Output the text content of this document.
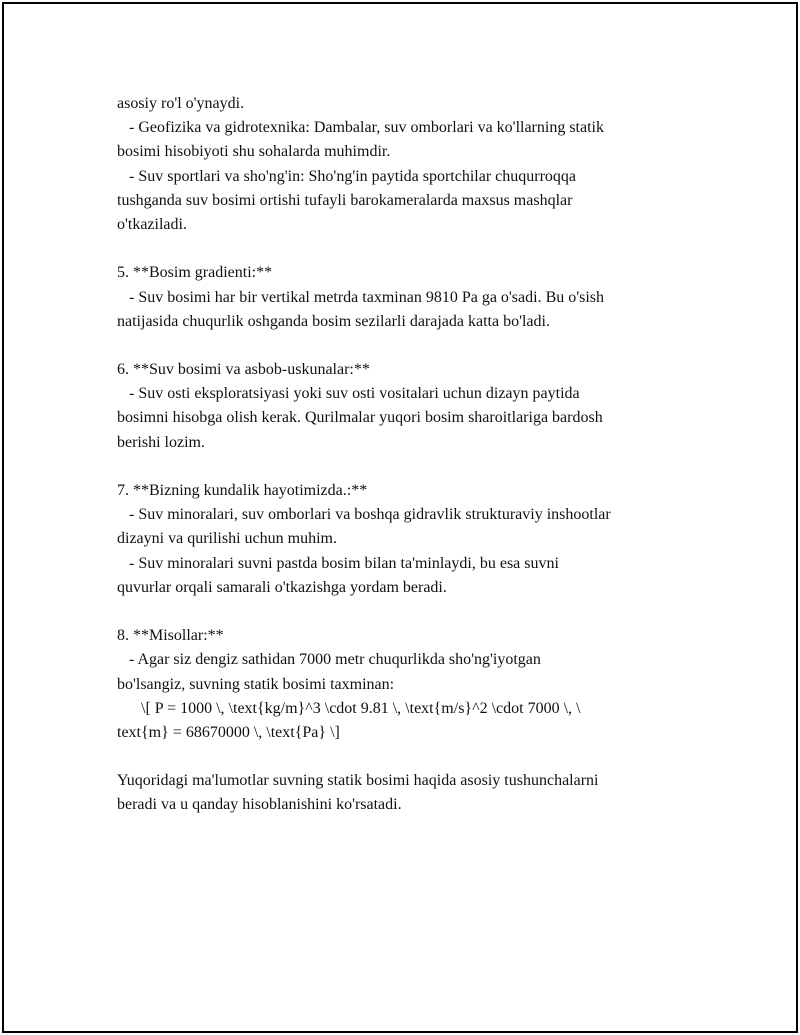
asosiy ro'l o'ynaydi.
- Geofizika va gidrotexnika: Dambalar, suv omborlari va ko'llarning statik
bosimi hisobiyoti shu sohalarda muhimdir.
- Suv sportlari va sho'ng'in: Sho'ng'in paytida sportchilar chuqurroqqa
tushganda suv bosimi ortishi tufayli barokameralarda maxsus mashqlar
o'tkaziladi.
5. **Bosim gradienti:**
- Suv bosimi har bir vertikal metrda taxminan 9810 Pa ga o'sadi. Bu o'sish
natijasida chuqurlik oshganda bosim sezilarli darajada katta bo'ladi.
6. **Suv bosimi va asbob-uskunalar:**
- Suv osti eksploratsiyasi yoki suv osti vositalari uchun dizayn paytida
bosimni hisobga olish kerak. Qurilmalar yuqori bosim sharoitlariga bardosh
berishi lozim.
7. **Bizning kundalik hayotimizda.:**
- Suv minoralari, suv omborlari va boshqa gidravlik strukturaviy inshootlar
dizayni va qurilishi uchun muhim.
- Suv minoralari suvni pastda bosim bilan ta'minlaydi, bu esa suvni
quvurlar orqali samarali o'tkazishga yordam beradi.
8. **Misollar:**
- Agar siz dengiz sathidan 7000 metr chuqurlikda sho'ng'iyotgan
bo'lsangiz, suvning statik bosimi taxminan:
\[ P = 1000 \, \text{kg/m}^3 \cdot 9.81 \, \text{m/s}^2 \cdot 7000 \, \
text{m} = 68670000 \, \text{Pa} \]
Yuqoridagi ma'lumotlar suvning statik bosimi haqida asosiy tushunchalarni
beradi va u qanday hisoblanishini ko'rsatadi.
